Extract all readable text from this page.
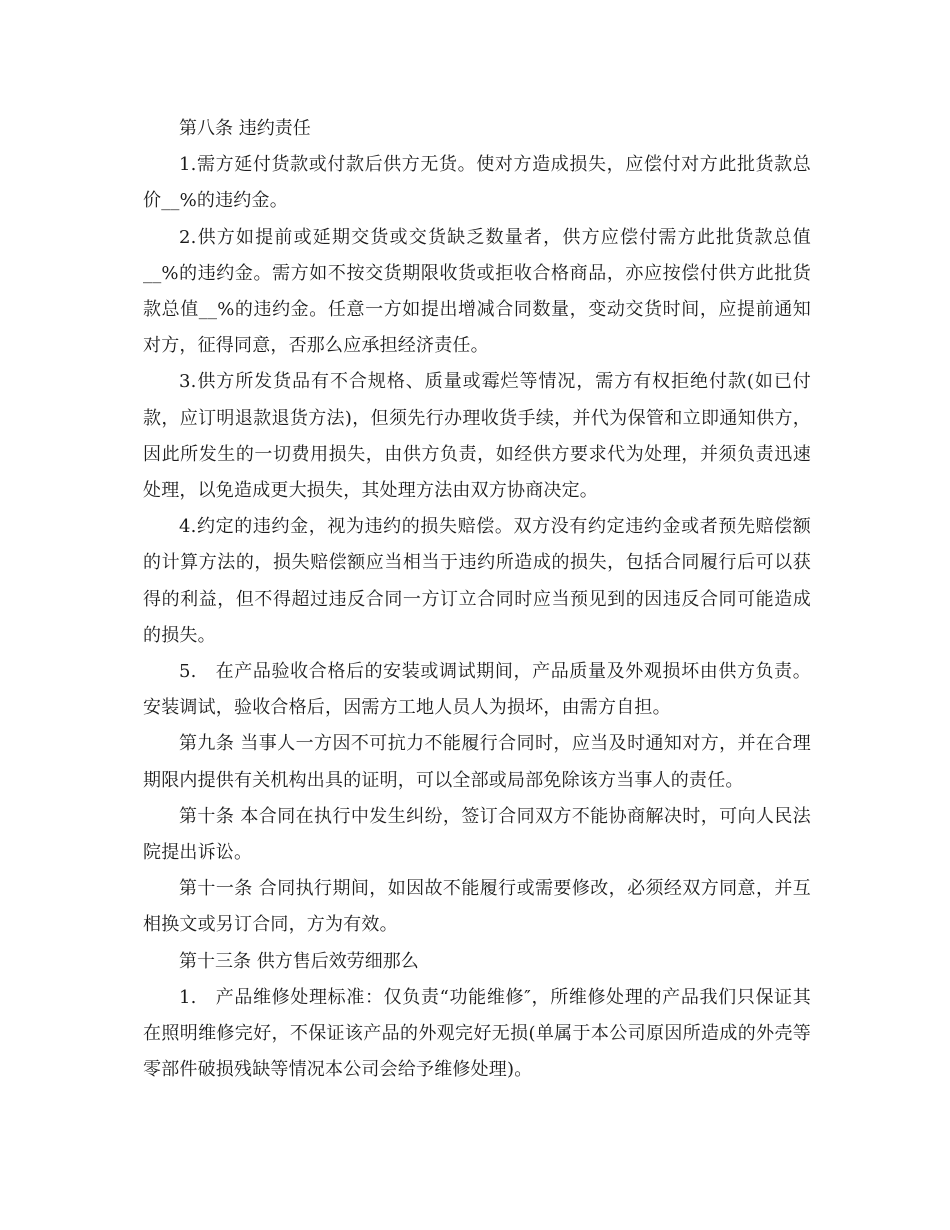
第八条 违约责任

1.需方延付货款或付款后供方无货。使对方造成损失，应偿付对方此批货款总价__%的违约金。

2.供方如提前或延期交货或交货缺乏数量者，供方应偿付需方此批货款总值__%的违约金。需方如不按交货期限收货或拒收合格商品，亦应按偿付供方此批货款总值__%的违约金。任意一方如提出增减合同数量，变动交货时间，应提前通知对方，征得同意，否那么应承担经济责任。

3.供方所发货品有不合规格、质量或霉烂等情况，需方有权拒绝付款(如已付款，应订明退款退货方法)，但须先行办理收货手续，并代为保管和立即通知供方，因此所发生的一切费用损失，由供方负责，如经供方要求代为处理，并须负责迅速处理，以免造成更大损失，其处理方法由双方协商决定。

4.约定的违约金，视为违约的损失赔偿。双方没有约定违约金或者预先赔偿额的计算方法的，损失赔偿额应当相当于违约所造成的损失，包括合同履行后可以获得的利益，但不得超过违反合同一方订立合同时应当预见到的因违反合同可能造成的损失。

5.　在产品验收合格后的安装或调试期间，产品质量及外观损坏由供方负责。安装调试，验收合格后，因需方工地人员人为损坏，由需方自担。

第九条 当事人一方因不可抗力不能履行合同时，应当及时通知对方，并在合理期限内提供有关机构出具的证明，可以全部或局部免除该方当事人的责任。

第十条 本合同在执行中发生纠纷，签订合同双方不能协商解决时，可向人民法院提出诉讼。

第十一条 合同执行期间，如因故不能履行或需要修改，必须经双方同意，并互相换文或另订合同，方为有效。

第十三条 供方售后效劳细那么

1.　产品维修处理标准：仅负责“功能维修″，所维修处理的产品我们只保证其在照明维修完好，不保证该产品的外观完好无损(单属于本公司原因所造成的外壳等零部件破损残缺等情况本公司会给予维修处理)。
